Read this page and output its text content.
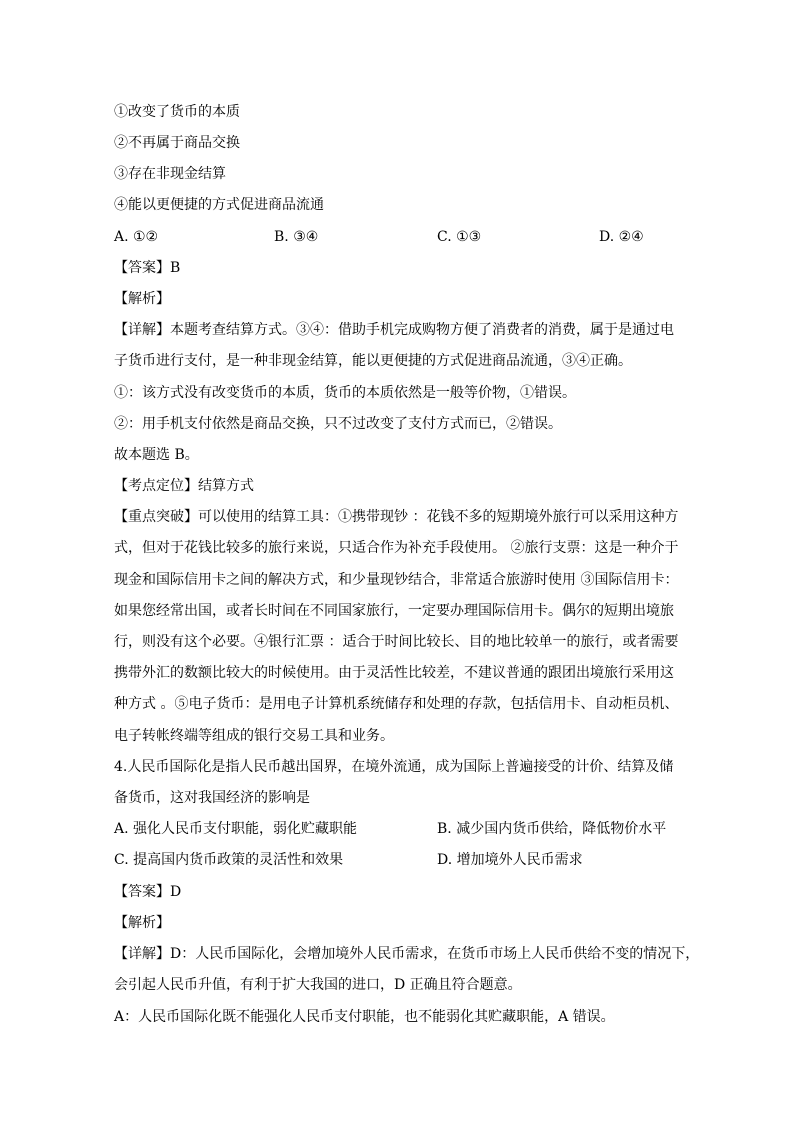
①改变了货币的本质
②不再属于商品交换
③存在非现金结算
④能以更便捷的方式促进商品流通
A. ①②	B. ③④	C. ①③	D. ②④
【答案】B
【解析】
【详解】本题考查结算方式。③④：借助手机完成购物方便了消费者的消费，属于是通过电
子货币进行支付，是一种非现金结算，能以更便捷的方式促进商品流通，③④正确。
①：该方式没有改变货币的本质，货币的本质依然是一般等价物，①错误。
②：用手机支付依然是商品交换，只不过改变了支付方式而已，②错误。
故本题选 B。
【考点定位】结算方式
【重点突破】可以使用的结算工具：①携带现钞 ：花钱不多的短期境外旅行可以采用这种方
式，但对于花钱比较多的旅行来说，只适合作为补充手段使用。 ②旅行支票：这是一种介于
现金和国际信用卡之间的解决方式，和少量现钞结合，非常适合旅游时使用 ③国际信用卡：
如果您经常出国，或者长时间在不同国家旅行，一定要办理国际信用卡。偶尔的短期出境旅
行，则没有这个必要。④银行汇票 ：适合于时间比较长、目的地比较单一的旅行，或者需要
携带外汇的数额比较大的时候使用。由于灵活性比较差，不建议普通的跟团出境旅行采用这
种方式 。⑤电子货币：是用电子计算机系统储存和处理的存款，包括信用卡、自动柜员机、
电子转帐终端等组成的银行交易工具和业务。
4.人民币国际化是指人民币越出国界，在境外流通，成为国际上普遍接受的计价、结算及储
备货币，这对我国经济的影响是
A. 强化人民币支付职能，弱化贮藏职能	B. 减少国内货币供给，降低物价水平
C. 提高国内货币政策的灵活性和效果	D. 增加境外人民币需求
【答案】D
【解析】
【详解】D：人民币国际化，会增加境外人民币需求，在货币市场上人民币供给不变的情况下，
会引起人民币升值，有利于扩大我国的进口，D 正确且符合题意。
A：人民币国际化既不能强化人民币支付职能，也不能弱化其贮藏职能，A 错误。
